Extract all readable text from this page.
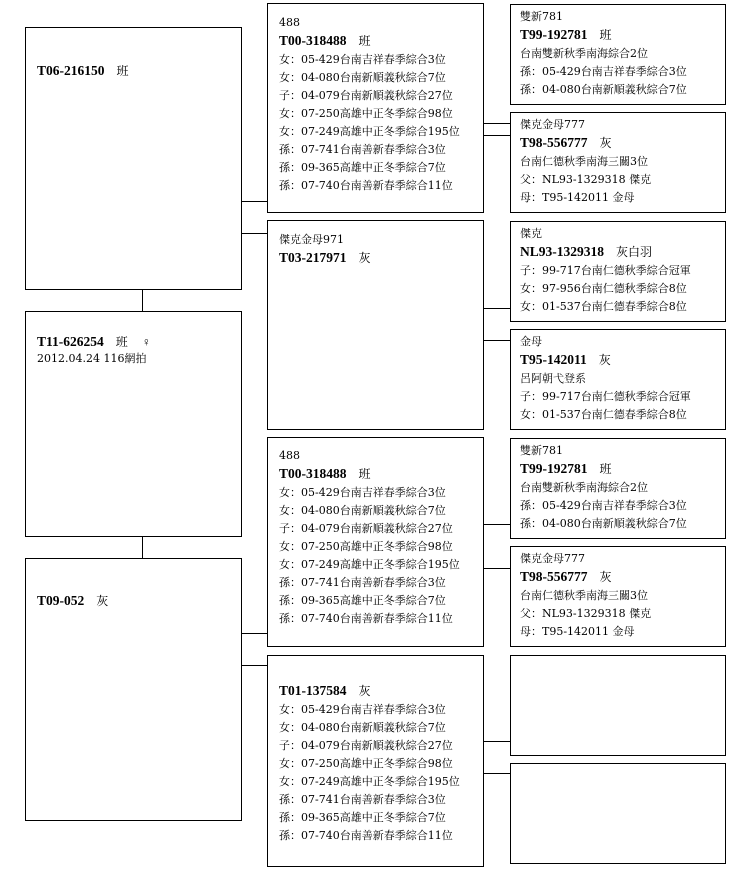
T06-216150 班
T11-626254 班 ♀
2012.04.24 116網拍
T09-052 灰
488
T00-318488 班
女：05-429台南吉祥春季綜合3位
女：04-080台南新順義秋綜合7位
子：04-079台南新順義秋綜合27位
女：07-250高雄中正冬季綜合98位
女：07-249高雄中正冬季綜合195位
孫：07-741台南善新春季綜合3位
孫：09-365高雄中正冬季綜合7位
孫：07-740台南善新春季綜合11位
傑克金母971
T03-217971 灰
488
T00-318488 班
女：05-429台南吉祥春季綜合3位
女：04-080台南新順義秋綜合7位
子：04-079台南新順義秋綜合27位
女：07-250高雄中正冬季綜合98位
女：07-249高雄中正冬季綜合195位
孫：07-741台南善新春季綜合3位
孫：09-365高雄中正冬季綜合7位
孫：07-740台南善新春季綜合11位
T01-137584 灰
女：05-429台南吉祥春季綜合3位
女：04-080台南新順義秋綜合7位
子：04-079台南新順義秋綜合27位
女：07-250高雄中正冬季綜合98位
女：07-249高雄中正冬季綜合195位
孫：07-741台南善新春季綜合3位
孫：09-365高雄中正冬季綜合7位
孫：07-740台南善新春季綜合11位
雙新781
T99-192781 班
台南雙新秋季南海綜合2位
孫：05-429台南吉祥春季綜合3位
孫：04-080台南新順義秋綜合7位
傑克金母777
T98-556777 灰
台南仁德秋季南海三關3位
父：NL93-1329318 傑克
母：T95-142011 金母
傑克
NL93-1329318 灰白羽
子：99-717台南仁德秋季綜合冠軍
女：97-956台南仁德秋季綜合8位
女：01-537台南仁德春季綜合8位
金母
T95-142011 灰
呂阿朝弋登系
子：99-717台南仁德秋季綜合冠軍
女：01-537台南仁德春季綜合8位
雙新781
T99-192781 班
台南雙新秋季南海綜合2位
孫：05-429台南吉祥春季綜合3位
孫：04-080台南新順義秋綜合7位
傑克金母777
T98-556777 灰
台南仁德秋季南海三關3位
父：NL93-1329318 傑克
母：T95-142011 金母
